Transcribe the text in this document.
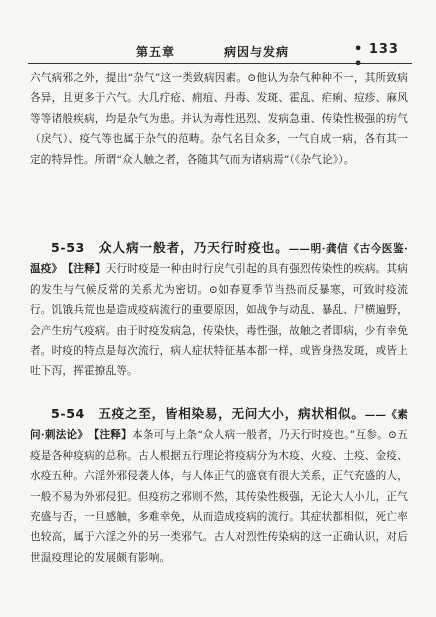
第五章	病因与发病	• 133 •

六气病邪之外，提出“杂气”这一类致病因素。⊙他认为杂气种种不一，其所致病各异，且更多于六气。大几疔疮、痈疽、丹毒、发斑、霍乱、疟痢、痘疹、麻风等等诸般疾病，均是杂气为患。并认为毒性迅烈、发病急重、传染性极强的疠气（戾气）、疫气等也属于杂气的范畴。杂气名目众多，一气自成一病，各有其一定的特异性。所谓“众人触之者，各随其气而为诸病焉”（《杂气论》）。

5-53　众人病一般者，乃天行时疫也。——明·龚信《古今医鉴·温疫》　 【注释】天行时疫是一种由时行戾气引起的具有强烈传染性的疾病。其病的发生与气候反常的关系尤为密切。⊙如春夏季节当热而反暴寒，可致时疫流行。饥饿兵荒也是造成疫病流行的重要原因，如战争与动乱、暴乱、尸横遍野，会产生疠气疫病。由于时疫发病急，传染快，毒性强，故触之者即病，少有幸免者。时疫的特点是每次流行，病人症状特征基本都一样，或皆身热发斑，或皆上吐下泻，挥霍撩乱等。

5-54　五疫之至，皆相染易，无问大小，病状相似。——《素问·刺法论》　 【注释】本条可与上条“众人病一般者，乃天行时疫也。”互参。⊙五疫是各种疫病的总称。古人根据五行理论将疫病分为木疫、火疫、土疫、金疫、水疫五种。六淫外邪侵袭人体，与人体正气的盛衰有很大关系，正气充盛的人，一般不易为外邪侵犯。但疫疠之邪则不然，其传染性极强，无论大人小儿，正气充盛与否，一旦感触，多难幸免，从而造成疫病的流行。其症状都相似，死亡率也较高，属于六淫之外的另一类邪气。古人对烈性传染病的这一正确认识，对后世温疫理论的发展颇有影响。
